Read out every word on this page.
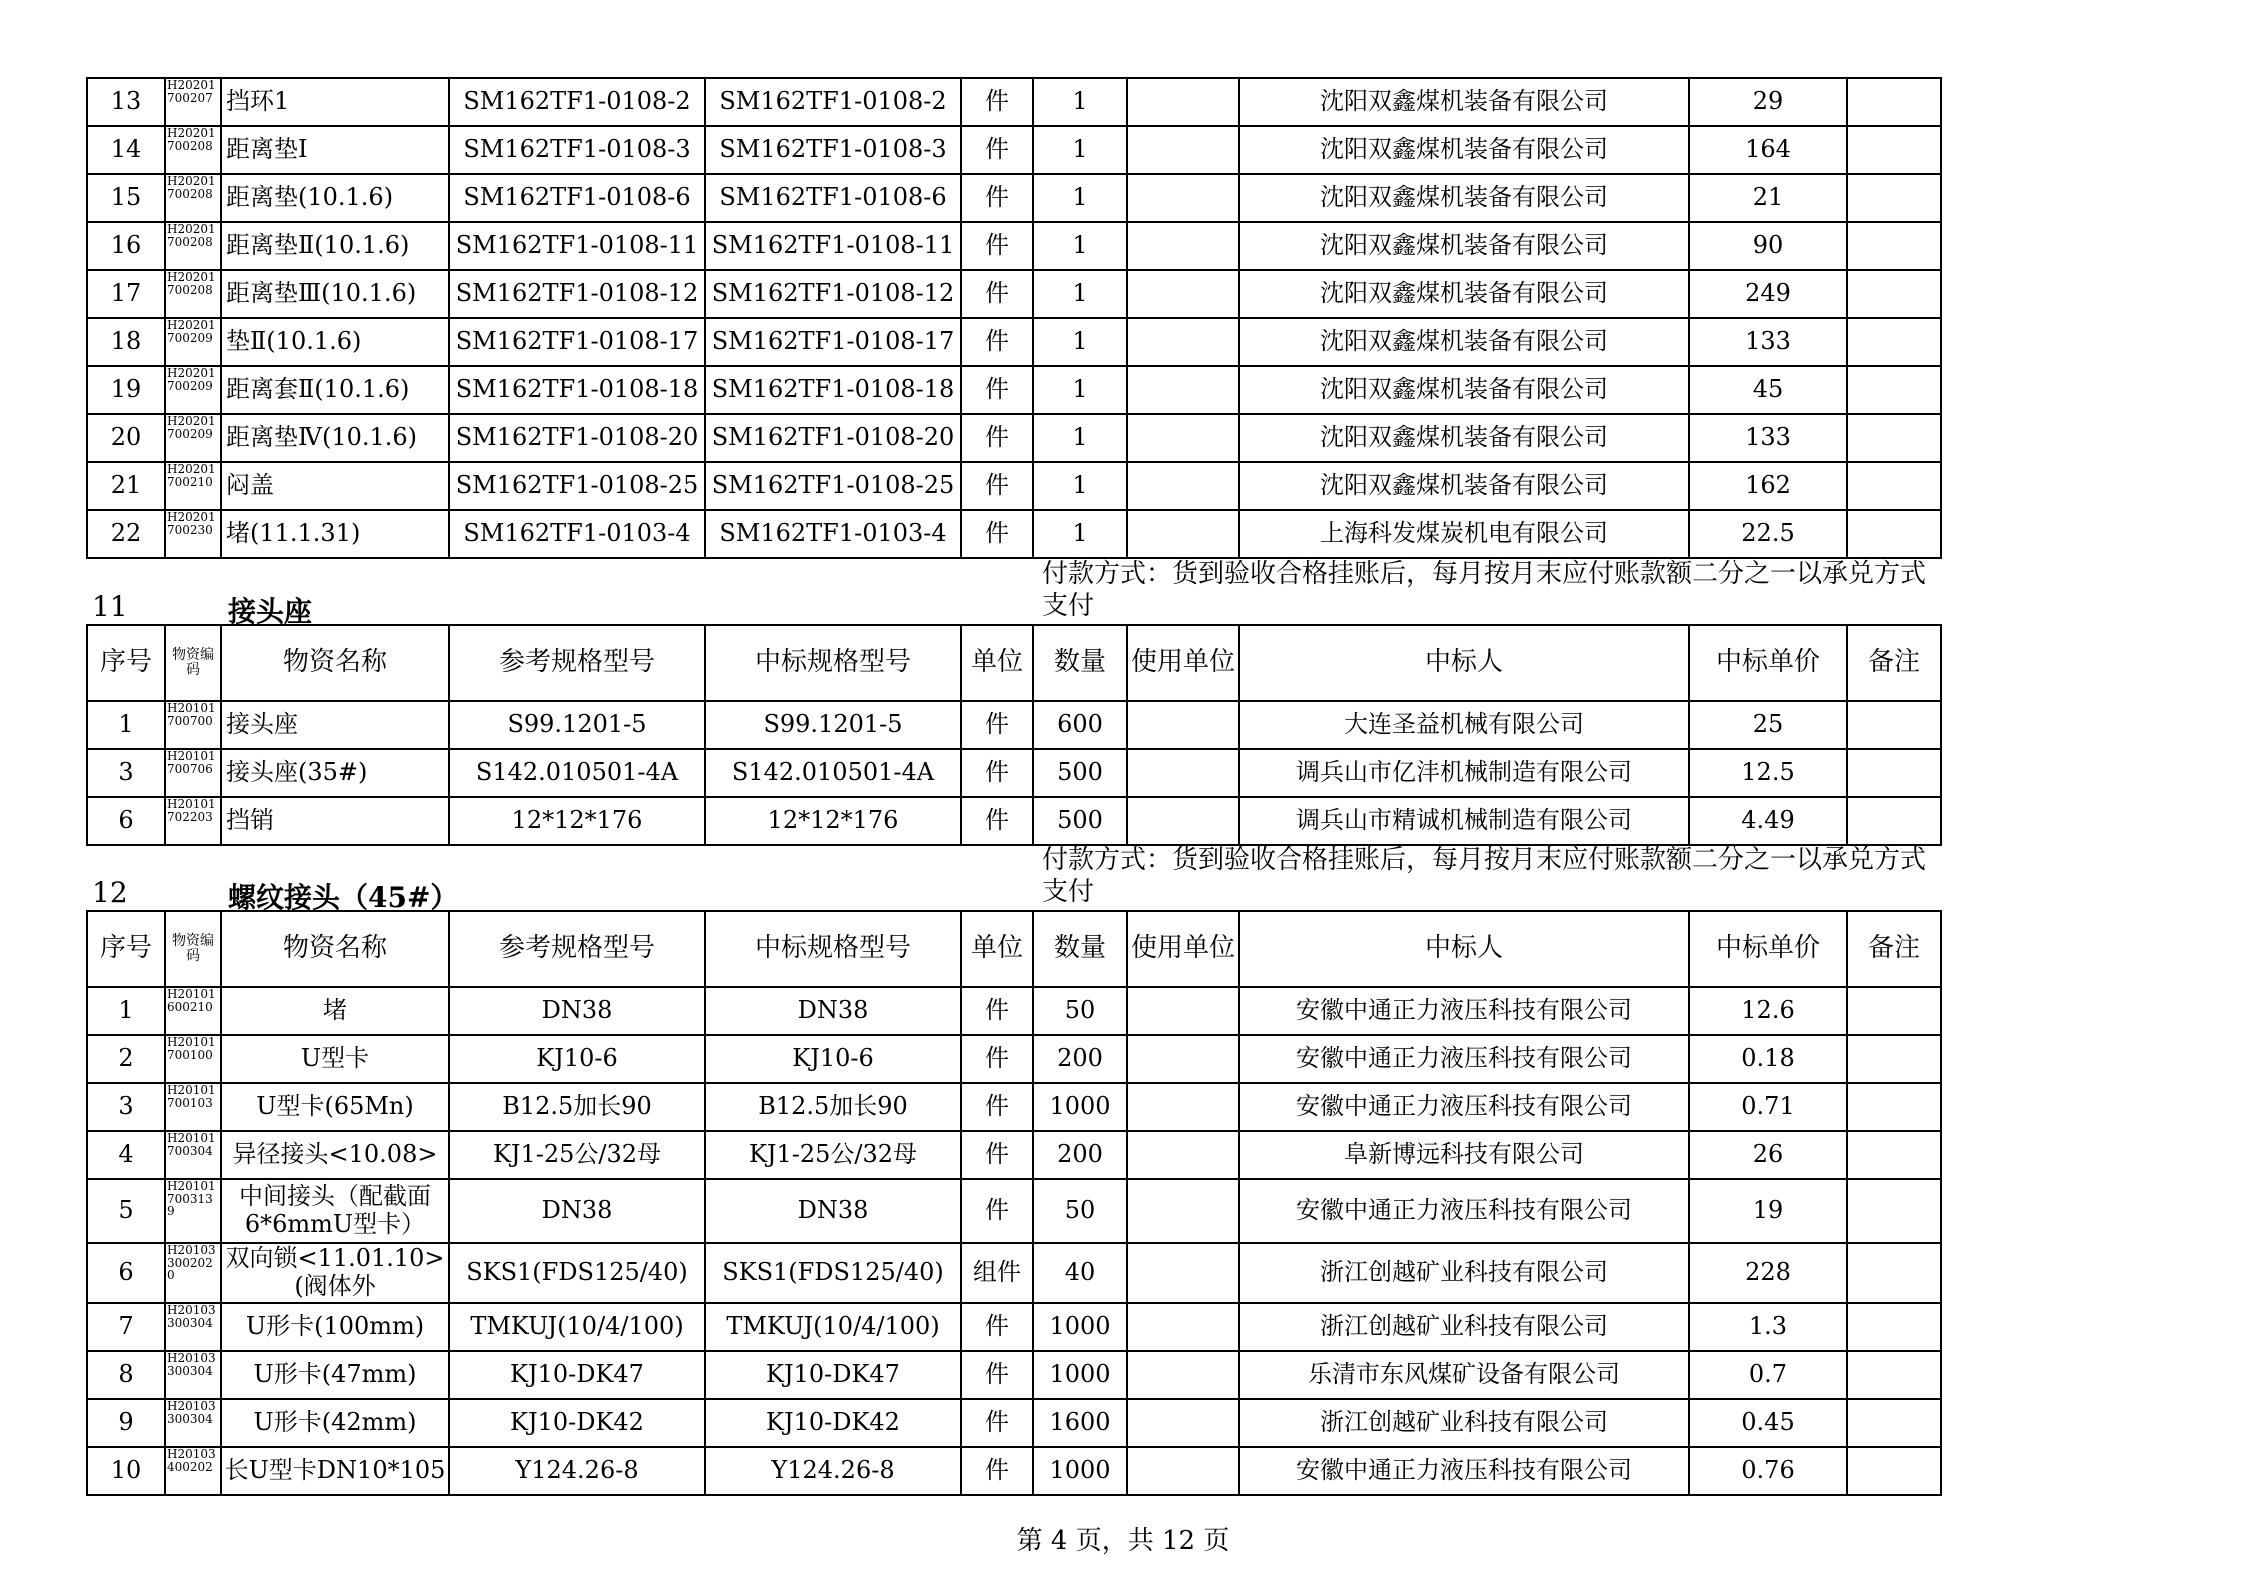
13	H20201700207	挡环1	SM162TF1-0108-2	SM162TF1-0108-2	件	1		沈阳双鑫煤机装备有限公司	29	
14	H20201700208	距离垫Ⅰ	SM162TF1-0108-3	SM162TF1-0108-3	件	1		沈阳双鑫煤机装备有限公司	164	
15	H20201700208	距离垫(10.1.6)	SM162TF1-0108-6	SM162TF1-0108-6	件	1		沈阳双鑫煤机装备有限公司	21	
16	H20201700208	距离垫Ⅱ(10.1.6)	SM162TF1-0108-11	SM162TF1-0108-11	件	1		沈阳双鑫煤机装备有限公司	90	
17	H20201700208	距离垫Ⅲ(10.1.6)	SM162TF1-0108-12	SM162TF1-0108-12	件	1		沈阳双鑫煤机装备有限公司	249	
18	H20201700209	垫Ⅱ(10.1.6)	SM162TF1-0108-17	SM162TF1-0108-17	件	1		沈阳双鑫煤机装备有限公司	133	
19	H20201700209	距离套Ⅱ(10.1.6)	SM162TF1-0108-18	SM162TF1-0108-18	件	1		沈阳双鑫煤机装备有限公司	45	
20	H20201700209	距离垫Ⅳ(10.1.6)	SM162TF1-0108-20	SM162TF1-0108-20	件	1		沈阳双鑫煤机装备有限公司	133	
21	H20201700210	闷盖	SM162TF1-0108-25	SM162TF1-0108-25	件	1		沈阳双鑫煤机装备有限公司	162	
22	H20201700230	堵(11.1.31)	SM162TF1-0103-4	SM162TF1-0103-4	件	1		上海科发煤炭机电有限公司	22.5	
11	接头座
付款方式：货到验收合格挂账后，每月按月末应付账款额二分之一以承兑方式支付
序号	物资编码	物资名称	参考规格型号	中标规格型号	单位	数量	使用单位	中标人	中标单价	备注
1	H20101700700	接头座	S99.1201-5	S99.1201-5	件	600		大连圣益机械有限公司	25	
3	H20101700706	接头座(35#)	S142.010501-4A	S142.010501-4A	件	500		调兵山市亿沣机械制造有限公司	12.5	
6	H20101702203	挡销	12*12*176	12*12*176	件	500		调兵山市精诚机械制造有限公司	4.49	
12	螺纹接头（45#）
付款方式：货到验收合格挂账后，每月按月末应付账款额二分之一以承兑方式支付
序号	物资编码	物资名称	参考规格型号	中标规格型号	单位	数量	使用单位	中标人	中标单价	备注
1	H20101600210	堵	DN38	DN38	件	50		安徽中通正力液压科技有限公司	12.6	
2	H20101700100	U型卡	KJ10-6	KJ10-6	件	200		安徽中通正力液压科技有限公司	0.18	
3	H20101700103	U型卡(65Mn)	B12.5加长90	B12.5加长90	件	1000		安徽中通正力液压科技有限公司	0.71	
4	H20101700304	异径接头<10.08>	KJ1-25公/32母	KJ1-25公/32母	件	200		阜新博远科技有限公司	26	
5	H20101700313 9	中间接头（配截面6*6mmU型卡）	DN38	DN38	件	50		安徽中通正力液压科技有限公司	19	
6	H20103300202 0	双向锁<11.01.10>(阀体外	SKS1(FDS125/40)	SKS1(FDS125/40)	组件	40		浙江创越矿业科技有限公司	228	
7	H20103300304	U形卡(100mm)	TMKUJ(10/4/100)	TMKUJ(10/4/100)	件	1000		浙江创越矿业科技有限公司	1.3	
8	H20103300304	U形卡(47mm)	KJ10-DK47	KJ10-DK47	件	1000		乐清市东风煤矿设备有限公司	0.7	
9	H20103300304	U形卡(42mm)	KJ10-DK42	KJ10-DK42	件	1600		浙江创越矿业科技有限公司	0.45	
10	H20103400202	长U型卡DN10*105	Y124.26-8	Y124.26-8	件	1000		安徽中通正力液压科技有限公司	0.76	
第 4 页，共 12 页
